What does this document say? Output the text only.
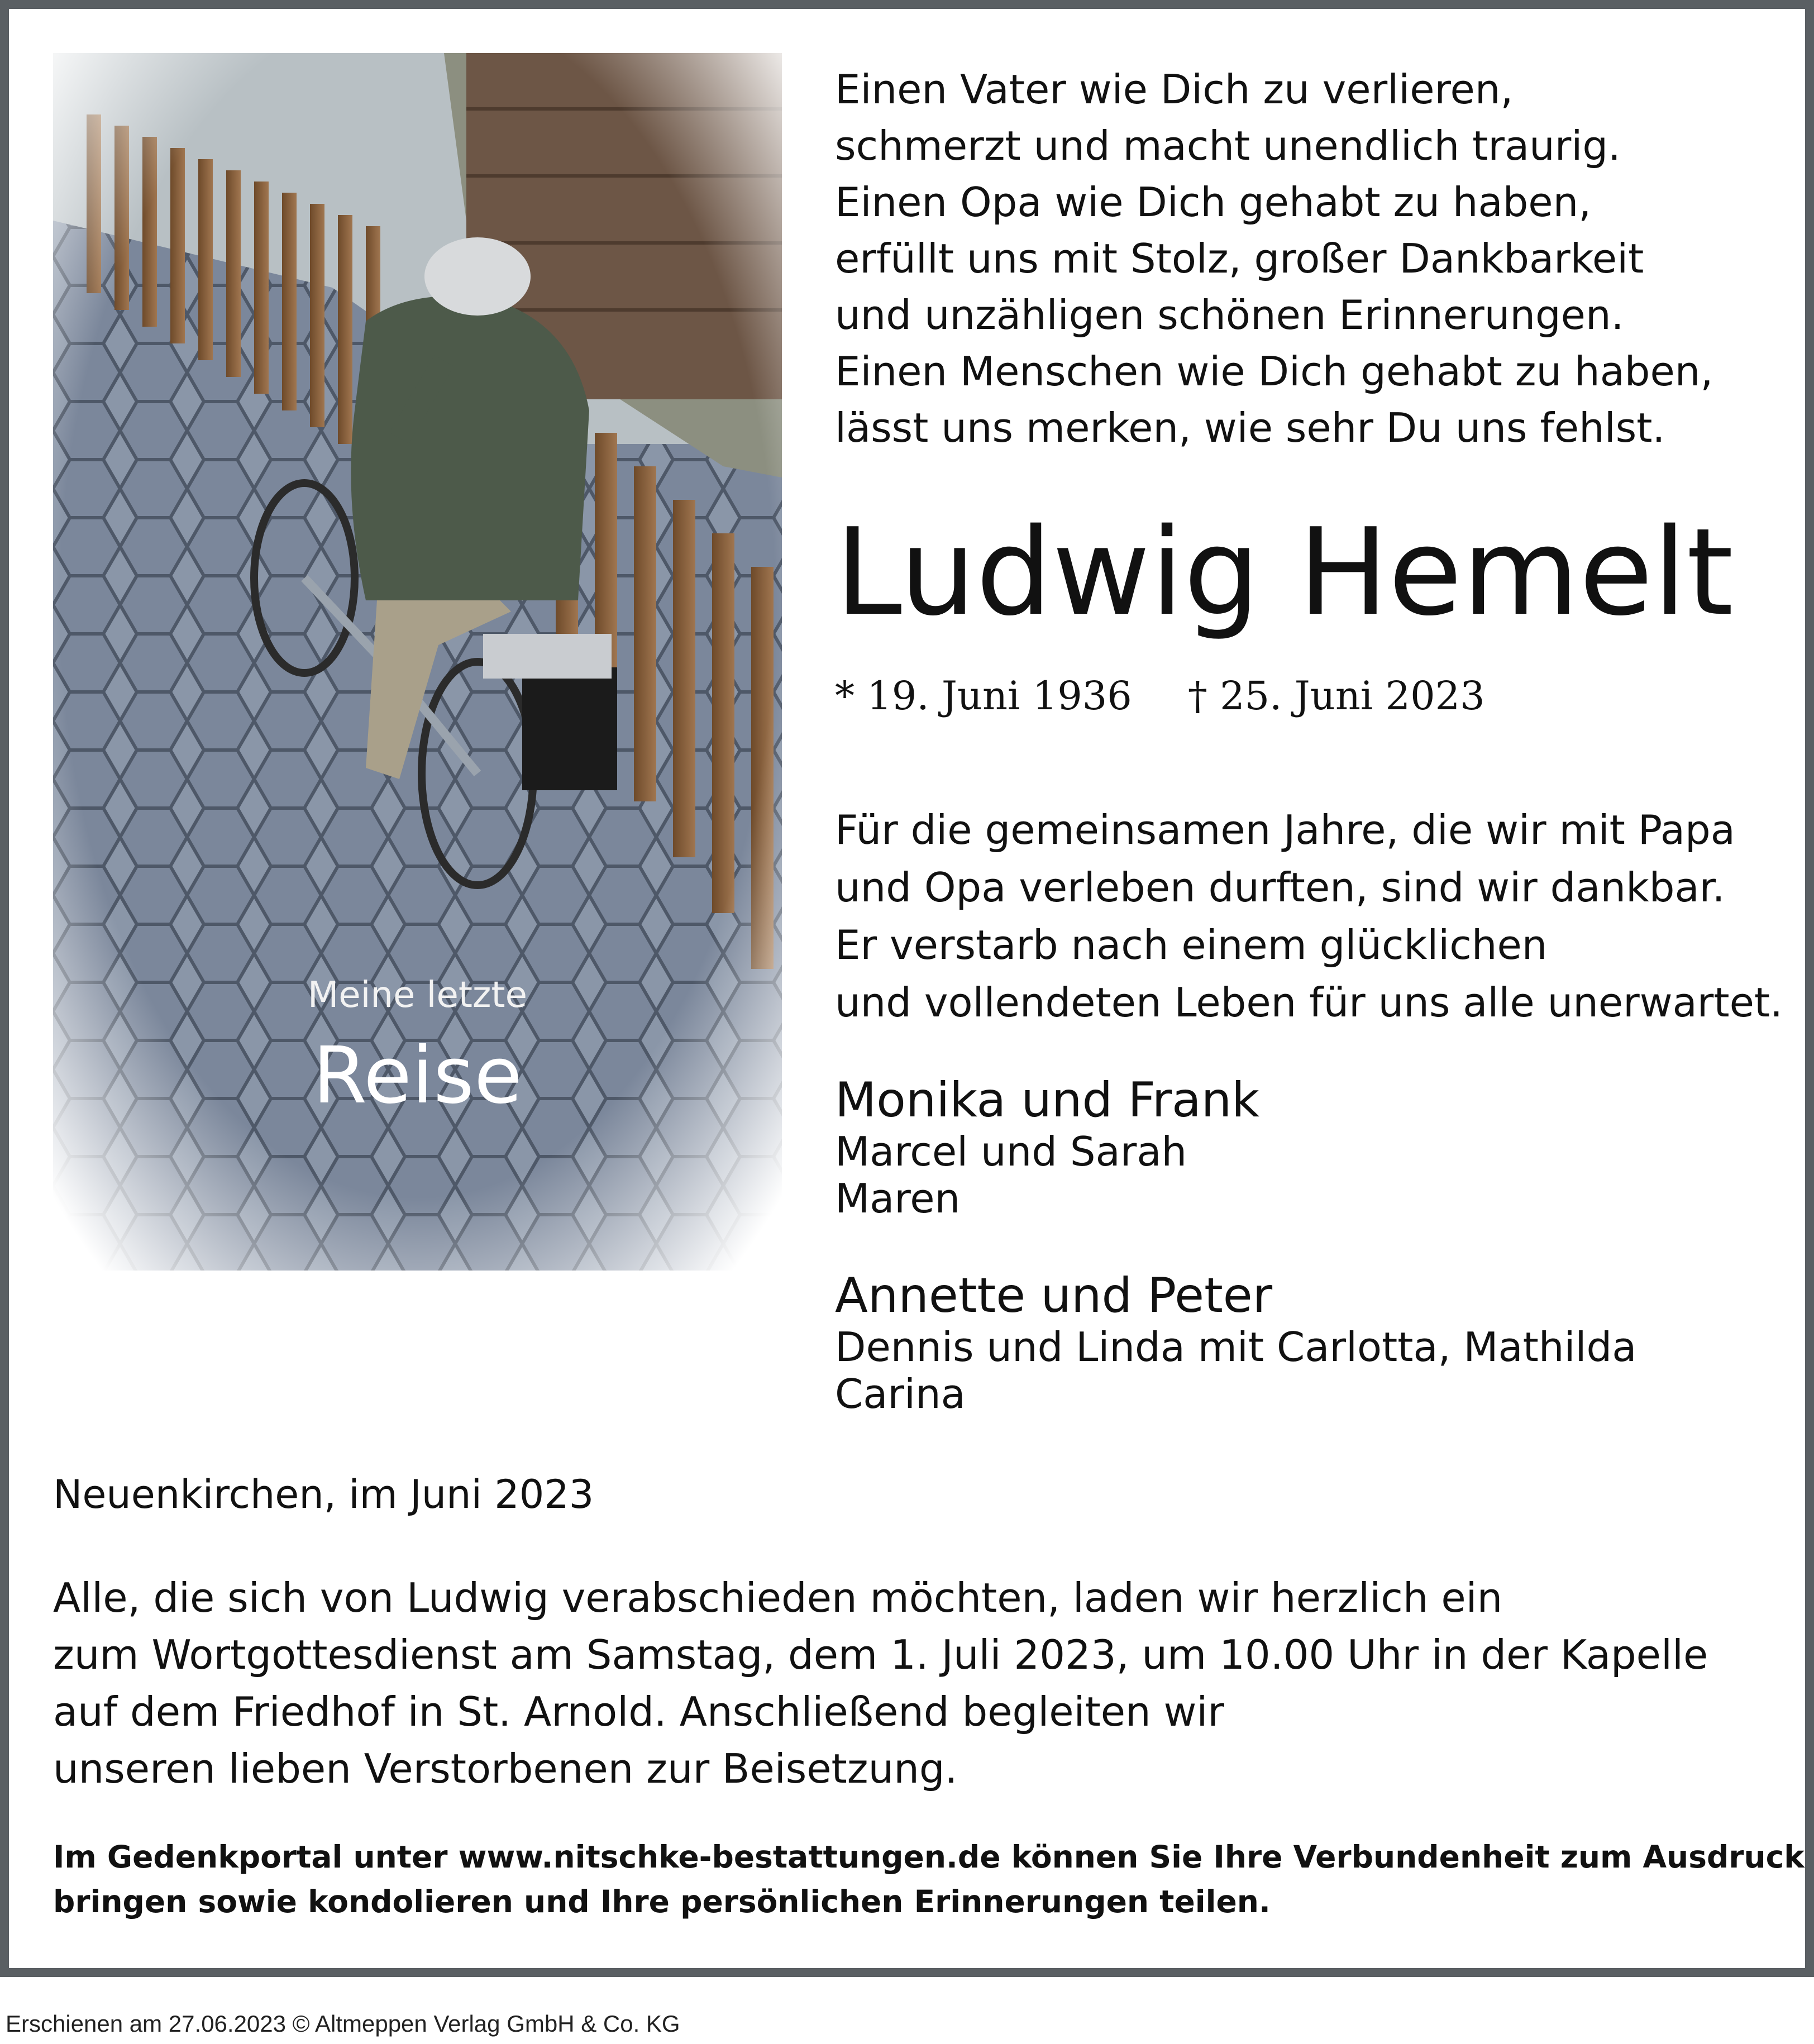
Meine letzte
Reise
Einen Vater wie Dich zu verlieren,
schmerzt und macht unendlich traurig.
Einen Opa wie Dich gehabt zu haben,
erfüllt uns mit Stolz, großer Dankbarkeit
und unzähligen schönen Erinnerungen.
Einen Menschen wie Dich gehabt zu haben,
lässt uns merken, wie sehr Du uns fehlst.
Ludwig Hemelt
* 19. Juni 1936 † 25. Juni 2023
Für die gemeinsamen Jahre, die wir mit Papa
und Opa verleben durften, sind wir dankbar.
Er verstarb nach einem glücklichen
und vollendeten Leben für uns alle unerwartet.
Monika und Frank
Marcel und Sarah
Maren
Annette und Peter
Dennis und Linda mit Carlotta, Mathilda
Carina
Neuenkirchen, im Juni 2023
Alle, die sich von Ludwig verabschieden möchten, laden wir herzlich ein
zum Wortgottesdienst am Samstag, dem 1. Juli 2023, um 10.00 Uhr in der Kapelle
auf dem Friedhof in St. Arnold. Anschließend begleiten wir
unseren lieben Verstorbenen zur Beisetzung.
Im Gedenkportal unter www.nitschke-bestattungen.de können Sie Ihre Verbundenheit zum Ausdruck
bringen sowie kondolieren und Ihre persönlichen Erinnerungen teilen.
Erschienen am 27.06.2023 © Altmeppen Verlag GmbH & Co. KG
